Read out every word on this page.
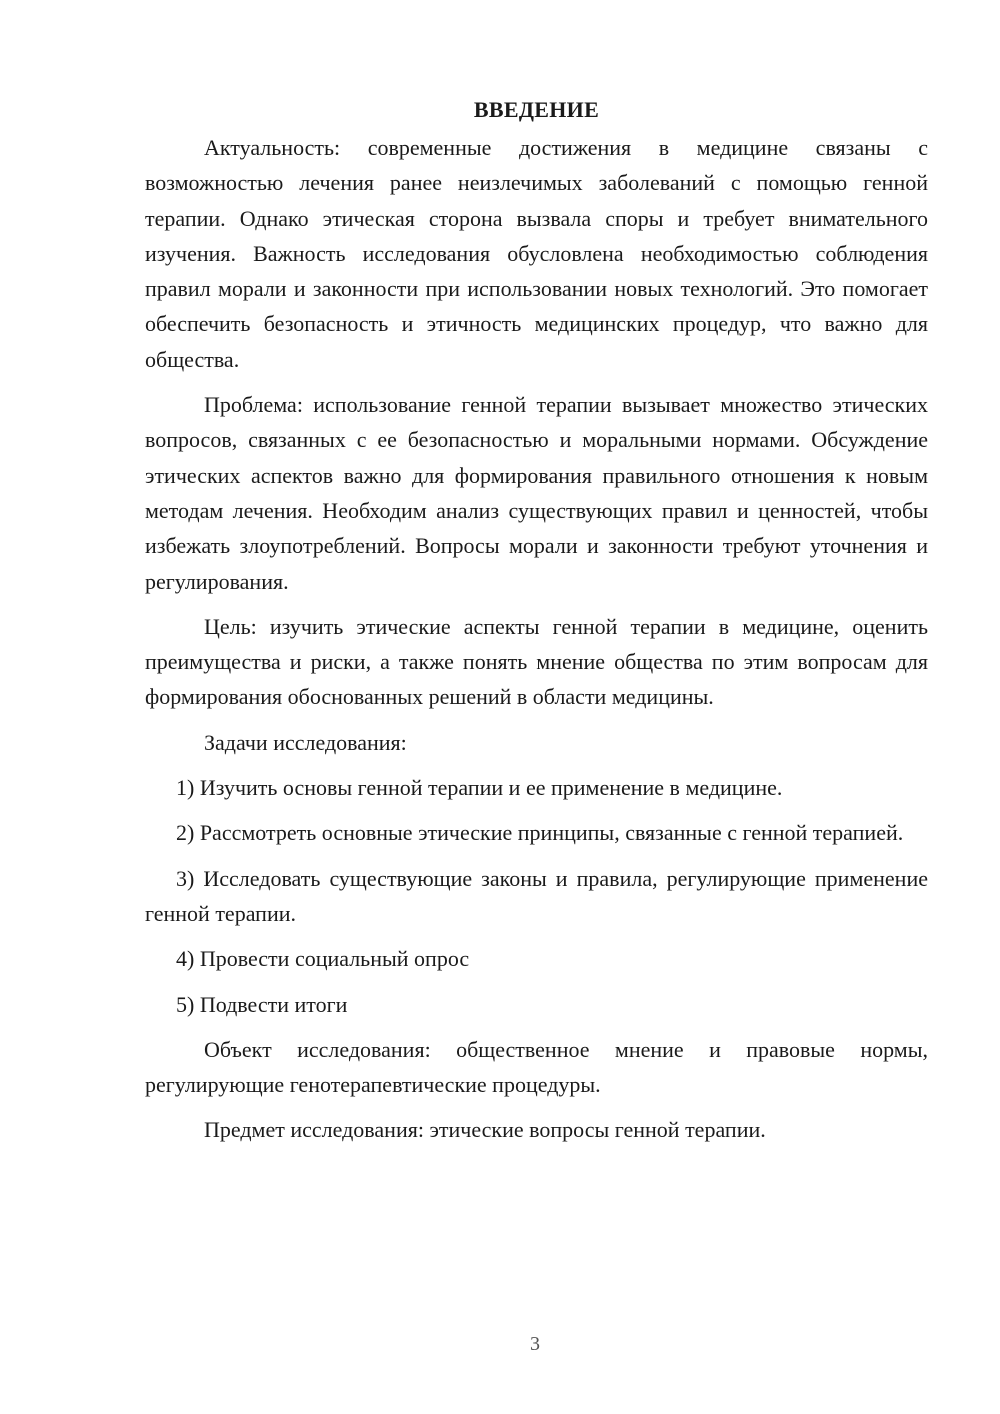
ВВЕДЕНИЕ

Актуальность: современные достижения в медицине связаны с возможностью лечения ранее неизлечимых заболеваний с помощью генной терапии. Однако этическая сторона вызвала споры и требует внимательного изучения. Важность исследования обусловлена необходимостью соблюдения правил морали и законности при использовании новых технологий. Это помогает обеспечить безопасность и этичность медицинских процедур, что важно для общества.

Проблема: использование генной терапии вызывает множество этических вопросов, связанных с ее безопасностью и моральными нормами. Обсуждение этических аспектов важно для формирования правильного отношения к новым методам лечения. Необходим анализ существующих правил и ценностей, чтобы избежать злоупотреблений. Вопросы морали и законности требуют уточнения и регулирования.

Цель: изучить этические аспекты генной терапии в медицине, оценить преимущества и риски, а также понять мнение общества по этим вопросам для формирования обоснованных решений в области медицины.

Задачи исследования:

1) Изучить основы генной терапии и ее применение в медицине.

2) Рассмотреть основные этические принципы, связанные с генной терапией.

3) Исследовать существующие законы и правила, регулирующие применение генной терапии.

4) Провести социальный опрос

5) Подвести итоги

Объект исследования: общественное мнение и правовые нормы, регулирующие генотерапевтические процедуры.

Предмет исследования: этические вопросы генной терапии.

3
